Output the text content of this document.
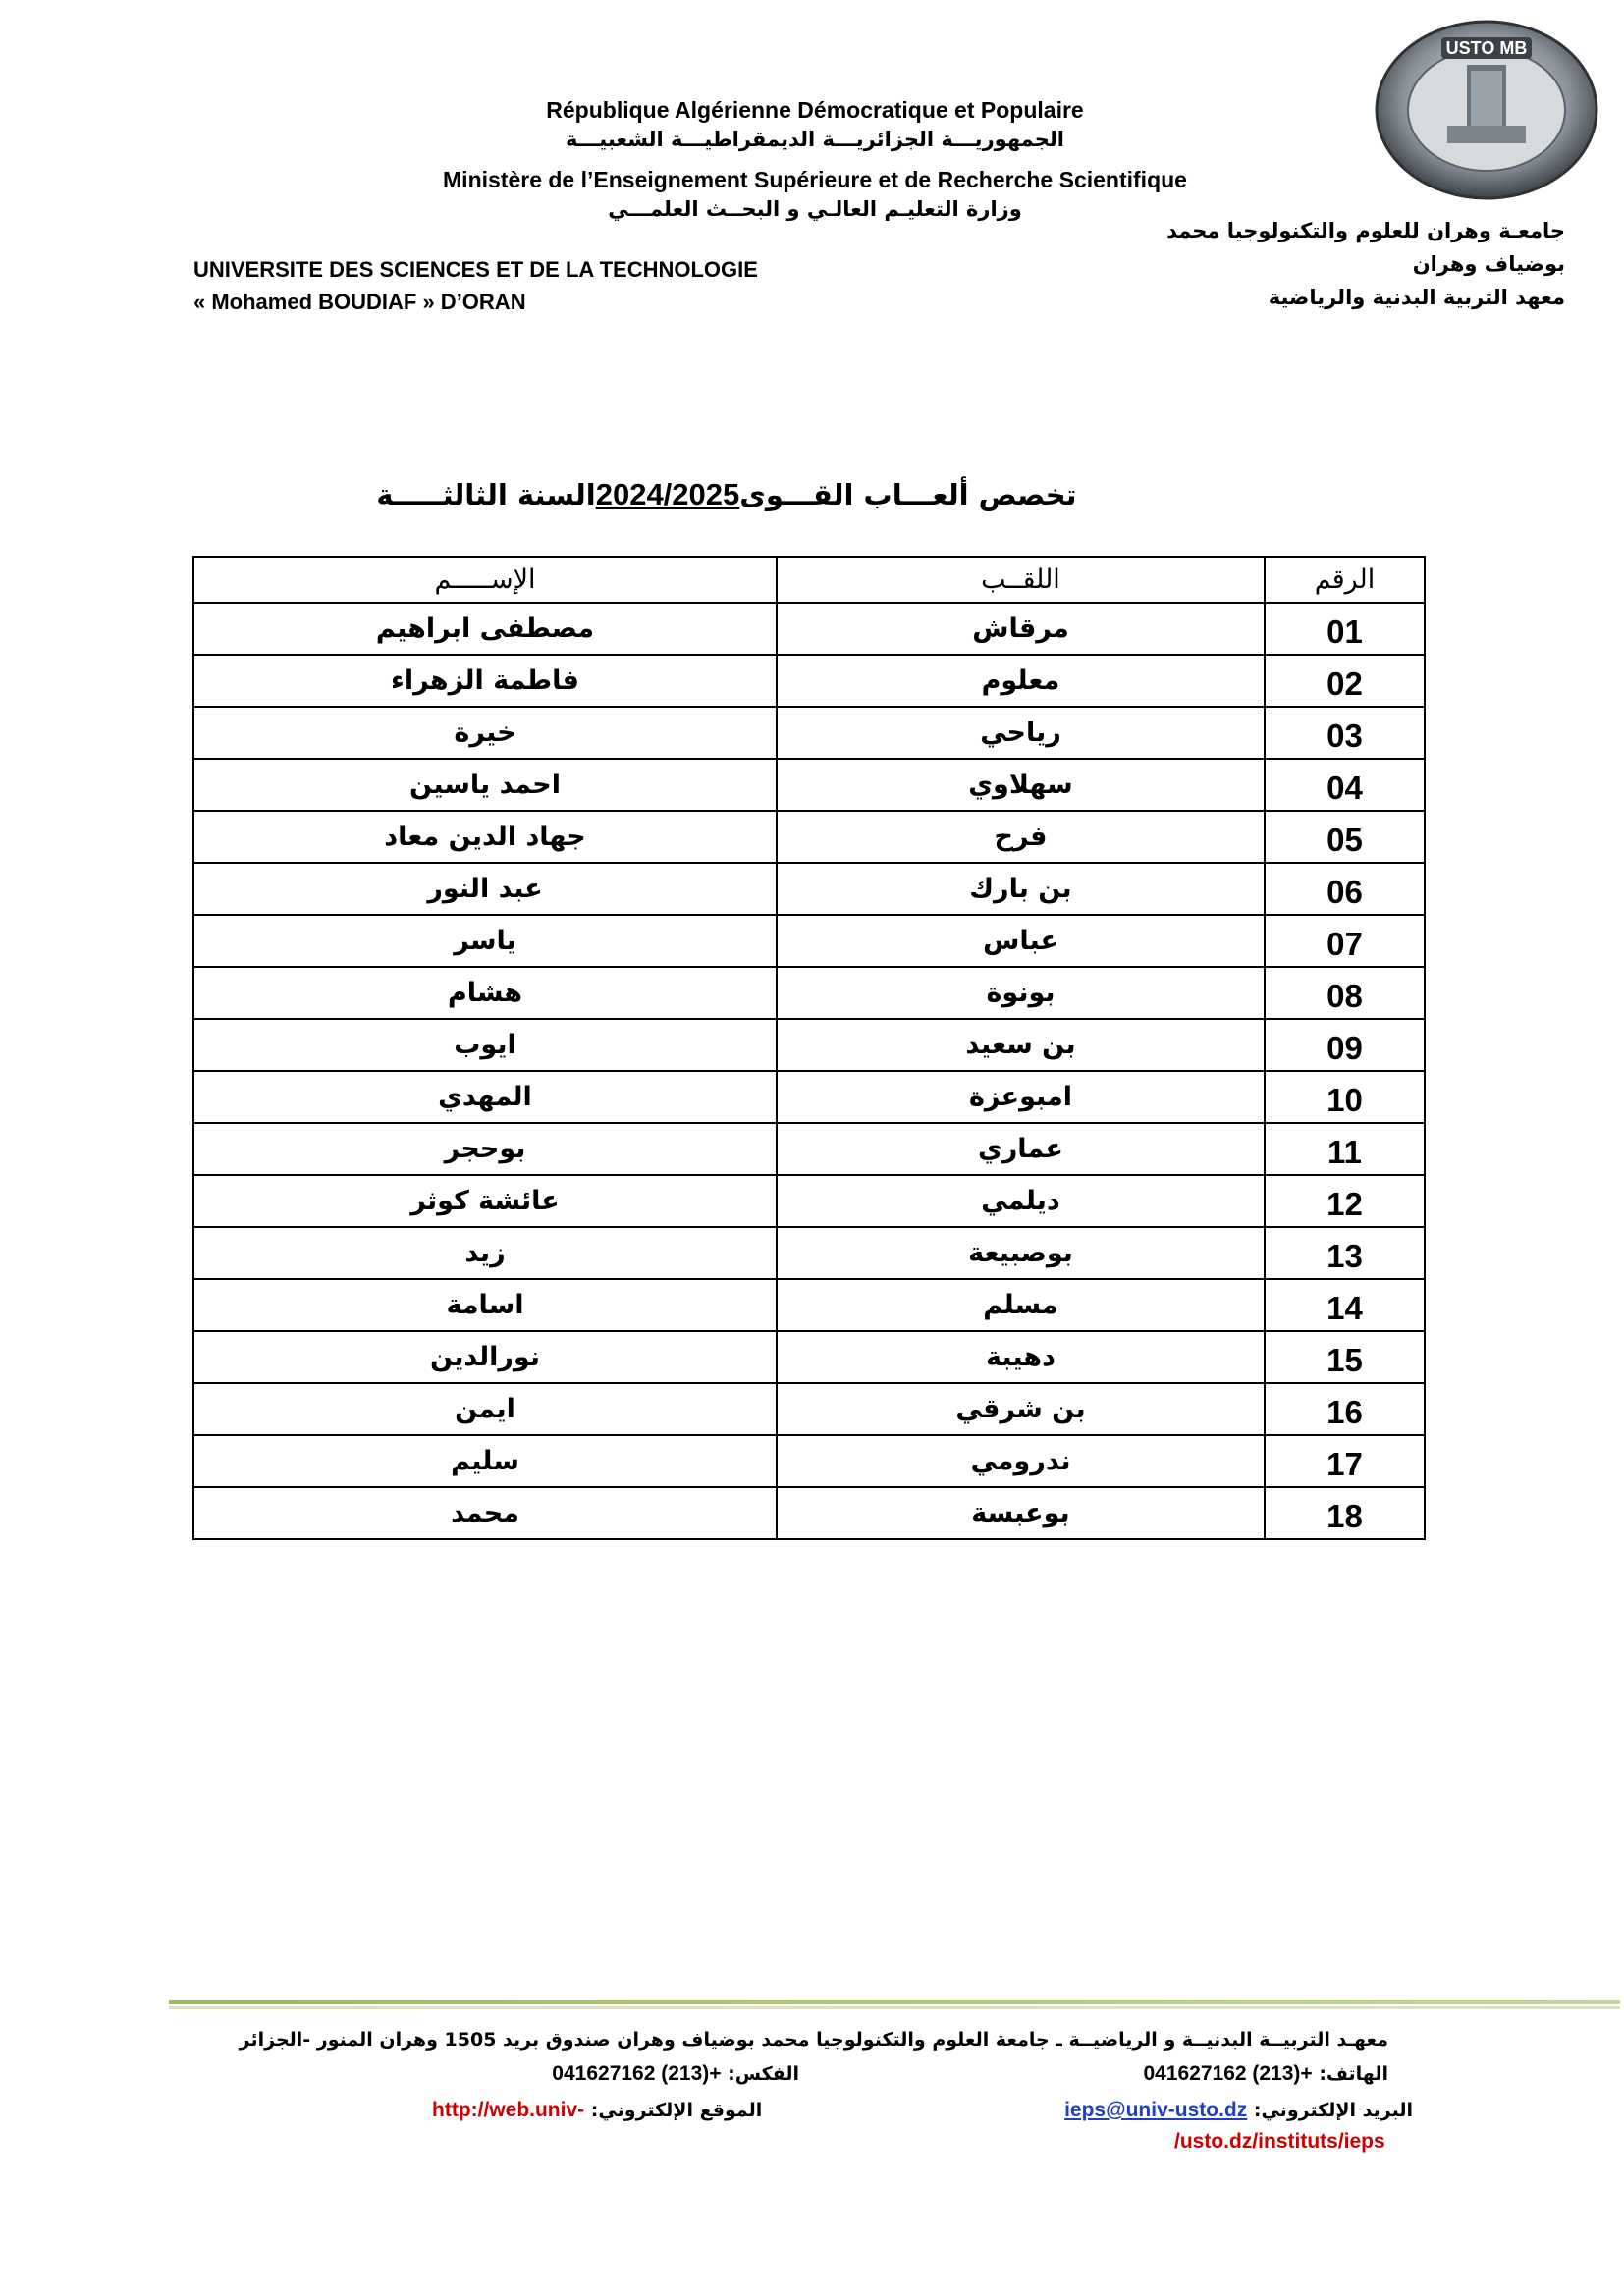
USTO MB
République Algérienne Démocratique et Populaire
الجمهوريـــة الجزائريـــة الديمقراطيـــة الشعبيـــة
Ministère de l’Enseignement Supérieure et de Recherche Scientifique
وزارة التعليـم العالـي و البحــث العلمـــي
UNIVERSITE DES SCIENCES ET DE LA TECHNOLOGIE
« Mohamed BOUDIAF » D’ORAN
جامعـة وهران للعلوم والتكنولوجيا محمد
بوضياف وهران
معهد التربية البدنية والرياضية
تخصص ألعـــاب القـــوى2024/2025السنة الثالثـــــة
الإســـــم	اللقــب	الرقم
مصطفى ابراهيم	مرقاش	01
فاطمة الزهراء	معلوم	02
خيرة	رياحي	03
احمد ياسين	سهلاوي	04
جهاد الدين معاد	فرح	05
عبد النور	بن بارك	06
ياسر	عباس	07
هشام	بونوة	08
ايوب	بن سعيد	09
المهدي	امبوعزة	10
بوحجر	عماري	11
عائشة كوثر	ديلمي	12
زيد	بوصبيعة	13
اسامة	مسلم	14
نورالدين	دهيبة	15
ايمن	بن شرقي	16
سليم	ندرومي	17
محمد	بوعبسة	18
معهـد التربيــة البدنيــة و الرياضيــة ـ جامعة العلوم والتكنولوجيا محمد بوضياف وهران صندوق بريد 1505 وهران المنور -الجزائر
الهاتف: 041627162 (213)+
الفكس: 041627162 (213)+
البريد الإلكتروني: ieps@univ-usto.dz
الموقع الإلكتروني: http://web.univ-
/usto.dz/instituts/ieps
